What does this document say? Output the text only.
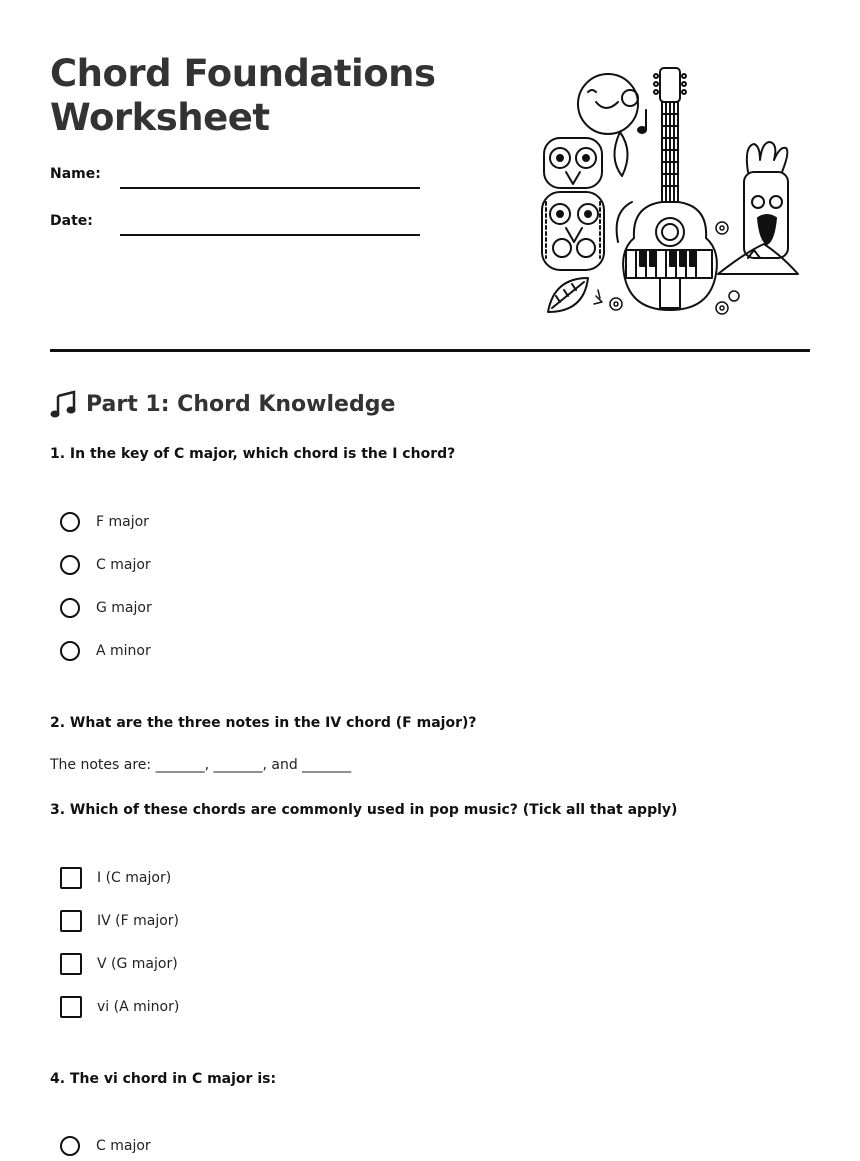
Chord Foundations Worksheet
Name:
Date:
Part 1: Chord Knowledge
1. In the key of C major, which chord is the I chord?
F major
C major
G major
A minor
2. What are the three notes in the IV chord (F major)?
The notes are: _______, _______, and _______
3. Which of these chords are commonly used in pop music? (Tick all that apply)
I (C major)
IV (F major)
V (G major)
vi (A minor)
4. The vi chord in C major is:
C major
